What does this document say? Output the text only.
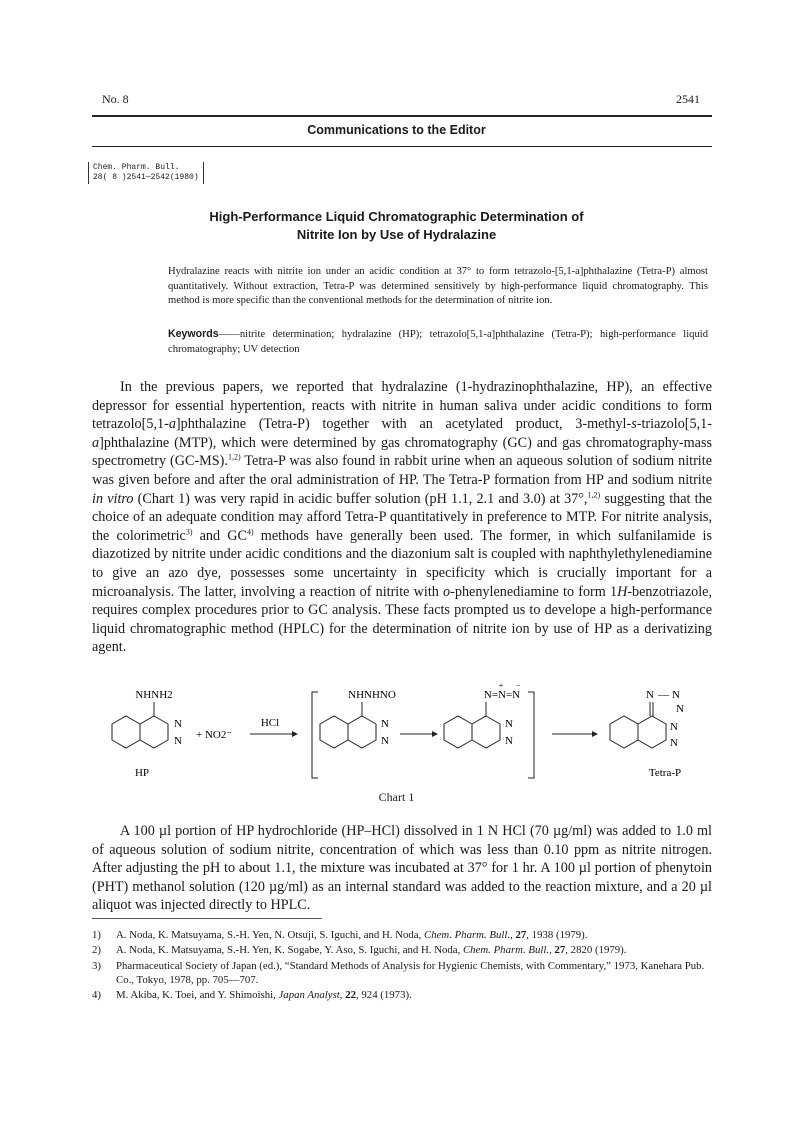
No. 8	2541
Communications to the Editor
Chem. Pharm. Bull.
28( 8 )2541—2542(1980)
High-Performance Liquid Chromatographic Determination of
Nitrite Ion by Use of Hydralazine
Hydralazine reacts with nitrite ion under an acidic condition at 37° to form tetrazolo-[5,1-a]phthalazine (Tetra-P) almost quantitatively. Without extraction, Tetra-P was determined sensitively by high-performance liquid chromatography. This method is more specific than the conventional methods for the determination of nitrite ion.
Keywords——nitrite determination; hydralazine (HP); tetrazolo[5,1-a]phthalazine (Tetra-P); high-performance liquid chromatography; UV detection
In the previous papers, we reported that hydralazine (1-hydrazinophthalazine, HP), an effective depressor for essential hypertention, reacts with nitrite in human saliva under acidic conditions to form tetrazolo[5,1-a]phthalazine (Tetra-P) together with an acetylated product, 3-methyl-s-triazolo[5,1-a]phthalazine (MTP), which were determined by gas chromatography (GC) and gas chromatography-mass spectrometry (GC-MS).$^{1,2)}$ Tetra-P was also found in rabbit urine when an aqueous solution of sodium nitrite was given before and after the oral administration of HP. The Tetra-P formation from HP and sodium nitrite in vitro (Chart 1) was very rapid in acidic buffer solution (pH 1.1, 2.1 and 3.0) at 37°,$^{1,2)}$ suggesting that the choice of an adequate condition may afford Tetra-P quantitatively in preference to MTP. For nitrite analysis, the colorimetric$^{3)}$ and GC$^{4)}$ methods have generally been used. The former, in which sulfanilamide is diazotized by nitrite under acidic conditions and the diazonium salt is coupled with naphthylethylenediamine to give an azo dye, possesses some uncertainty in specificity which is crucially important for a microanalysis. The latter, involving a reaction of nitrite with o-phenylenediamine to form 1H-benzotriazole, requires complex procedures prior to GC analysis. These facts prompted us to develope a high-performance liquid chromatographic method (HPLC) for the determination of nitrite ion by use of HP as a derivatizing agent.
NHNH2
N
N
HP
+ NO2⁻
HCl
NHNHNO
N
N
N=N=N
+ −
N
N
N — N
N
N
N
Tetra-P
Chart 1
A 100 µl portion of HP hydrochloride (HP–HCl) dissolved in 1 N HCl (70 µg/ml) was added to 1.0 ml of aqueous solution of sodium nitrite, concentration of which was less than 0.10 ppm as nitrite nitrogen. After adjusting the pH to about 1.1, the mixture was incubated at 37° for 1 hr. A 100 µl portion of phenytoin (PHT) methanol solution (120 µg/ml) as an internal standard was added to the reaction mixture, and a 20 µl aliquot was injected directly to HPLC.
1)	A. Noda, K. Matsuyama, S.-H. Yen, N. Otsuji, S. Iguchi, and H. Noda, Chem. Pharm. Bull., 27, 1938 (1979).
2)	A. Noda, K. Matsuyama, S.-H. Yen, K. Sogabe, Y. Aso, S. Iguchi, and H. Noda, Chem. Pharm. Bull., 27, 2820 (1979).
3)	Pharmaceutical Society of Japan (ed.), “Standard Methods of Analysis for Hygienic Chemists, with Commentary,” 1973, Kanehara Pub. Co., Tokyo, 1978, pp. 705—707.
4)	M. Akiba, K. Toei, and Y. Shimoishi, Japan Analyst, 22, 924 (1973).
